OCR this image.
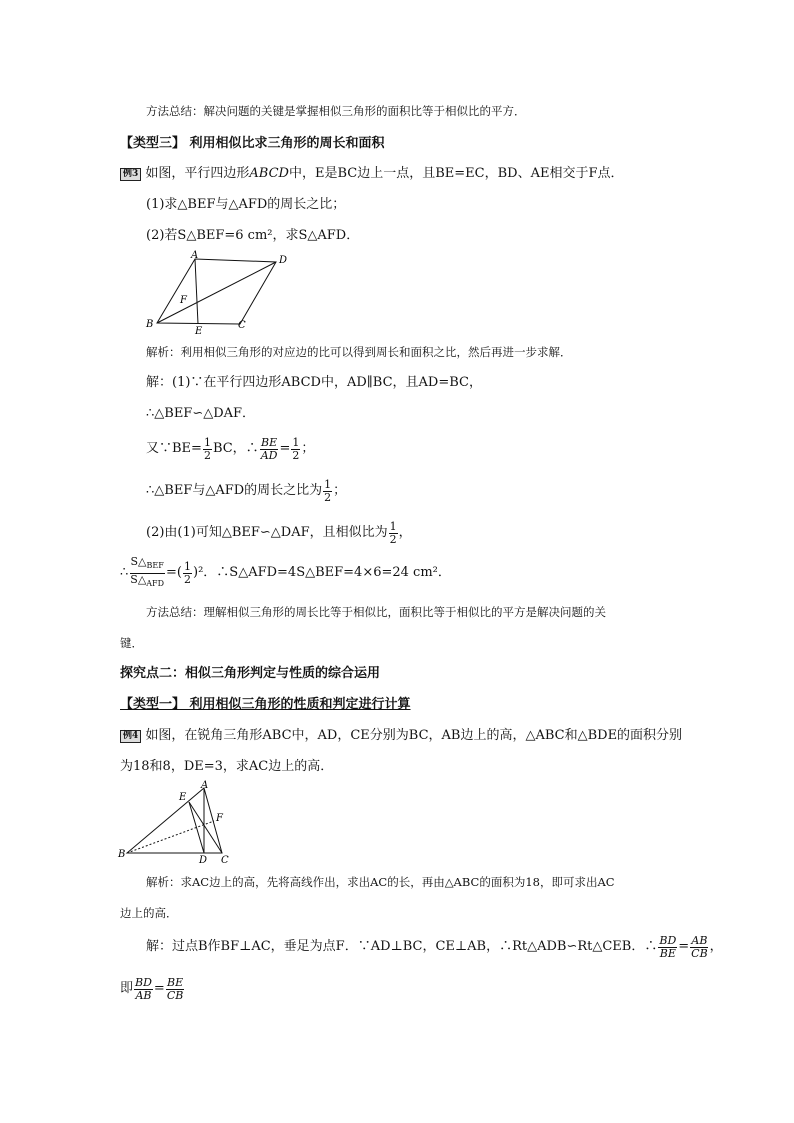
方法总结：解决问题的关键是掌握相似三角形的面积比等于相似比的平方．
【类型三】 利用相似比求三角形的周长和面积
例3 如图，平行四边形ABCD中，E是BC边上一点，且BE=EC，BD、AE相交于F点．
(1)求△BEF与△AFD的周长之比；
(2)若S△BEF=6 cm²，求S△AFD．
A	D
F
B
E
C
解析：利用相似三角形的对应边的比可以得到周长和面积之比，然后再进一步求解．
解：(1)∵在平行四边形ABCD中，AD∥BC，且AD=BC，
∴△BEF∽△DAF．
又∵BE= $\frac{1}{2}$ BC，∴ $\frac{BE}{AD} = \frac{1}{2}$ ；
∴△BEF与△AFD的周长之比为 $\frac{1}{2}$ ；
(2)由(1)可知△BEF∽△DAF，且相似比为 $\frac{1}{2}$ ，
∴ $\frac{S\triangle_{BEF}}{S\triangle_{AFD}}$ =( $\frac{1}{2}$ ) ²．∴S△AFD=4S△BEF=4×6=24 cm²．
方法总结：理解相似三角形的周长比等于相似比，面积比等于相似比的平方是解决问题的关
键．
探究点二：相似三角形判定与性质的综合运用
【类型一】 利用相似三角形的性质和判定进行计算
例4 如图，在锐角三角形ABC中，AD，CE分别为BC，AB边上的高，△ABC和△BDE的面积分别
为18和8，DE=3，求AC边上的高．
A
E
F
B
D C
解析：求AC边上的高，先将高线作出，求出AC的长，再由△ABC的面积为18，即可求出AC
边上的高．
解：过点B作BF⊥AC，垂足为点F．∵AD⊥BC，CE⊥AB，∴Rt△ADB∽Rt△CEB．∴ $\frac{BD}{BE} = \frac{AB}{CB}$ ，
即 $\frac{BD}{AB} = \frac{BE}{CB}$
